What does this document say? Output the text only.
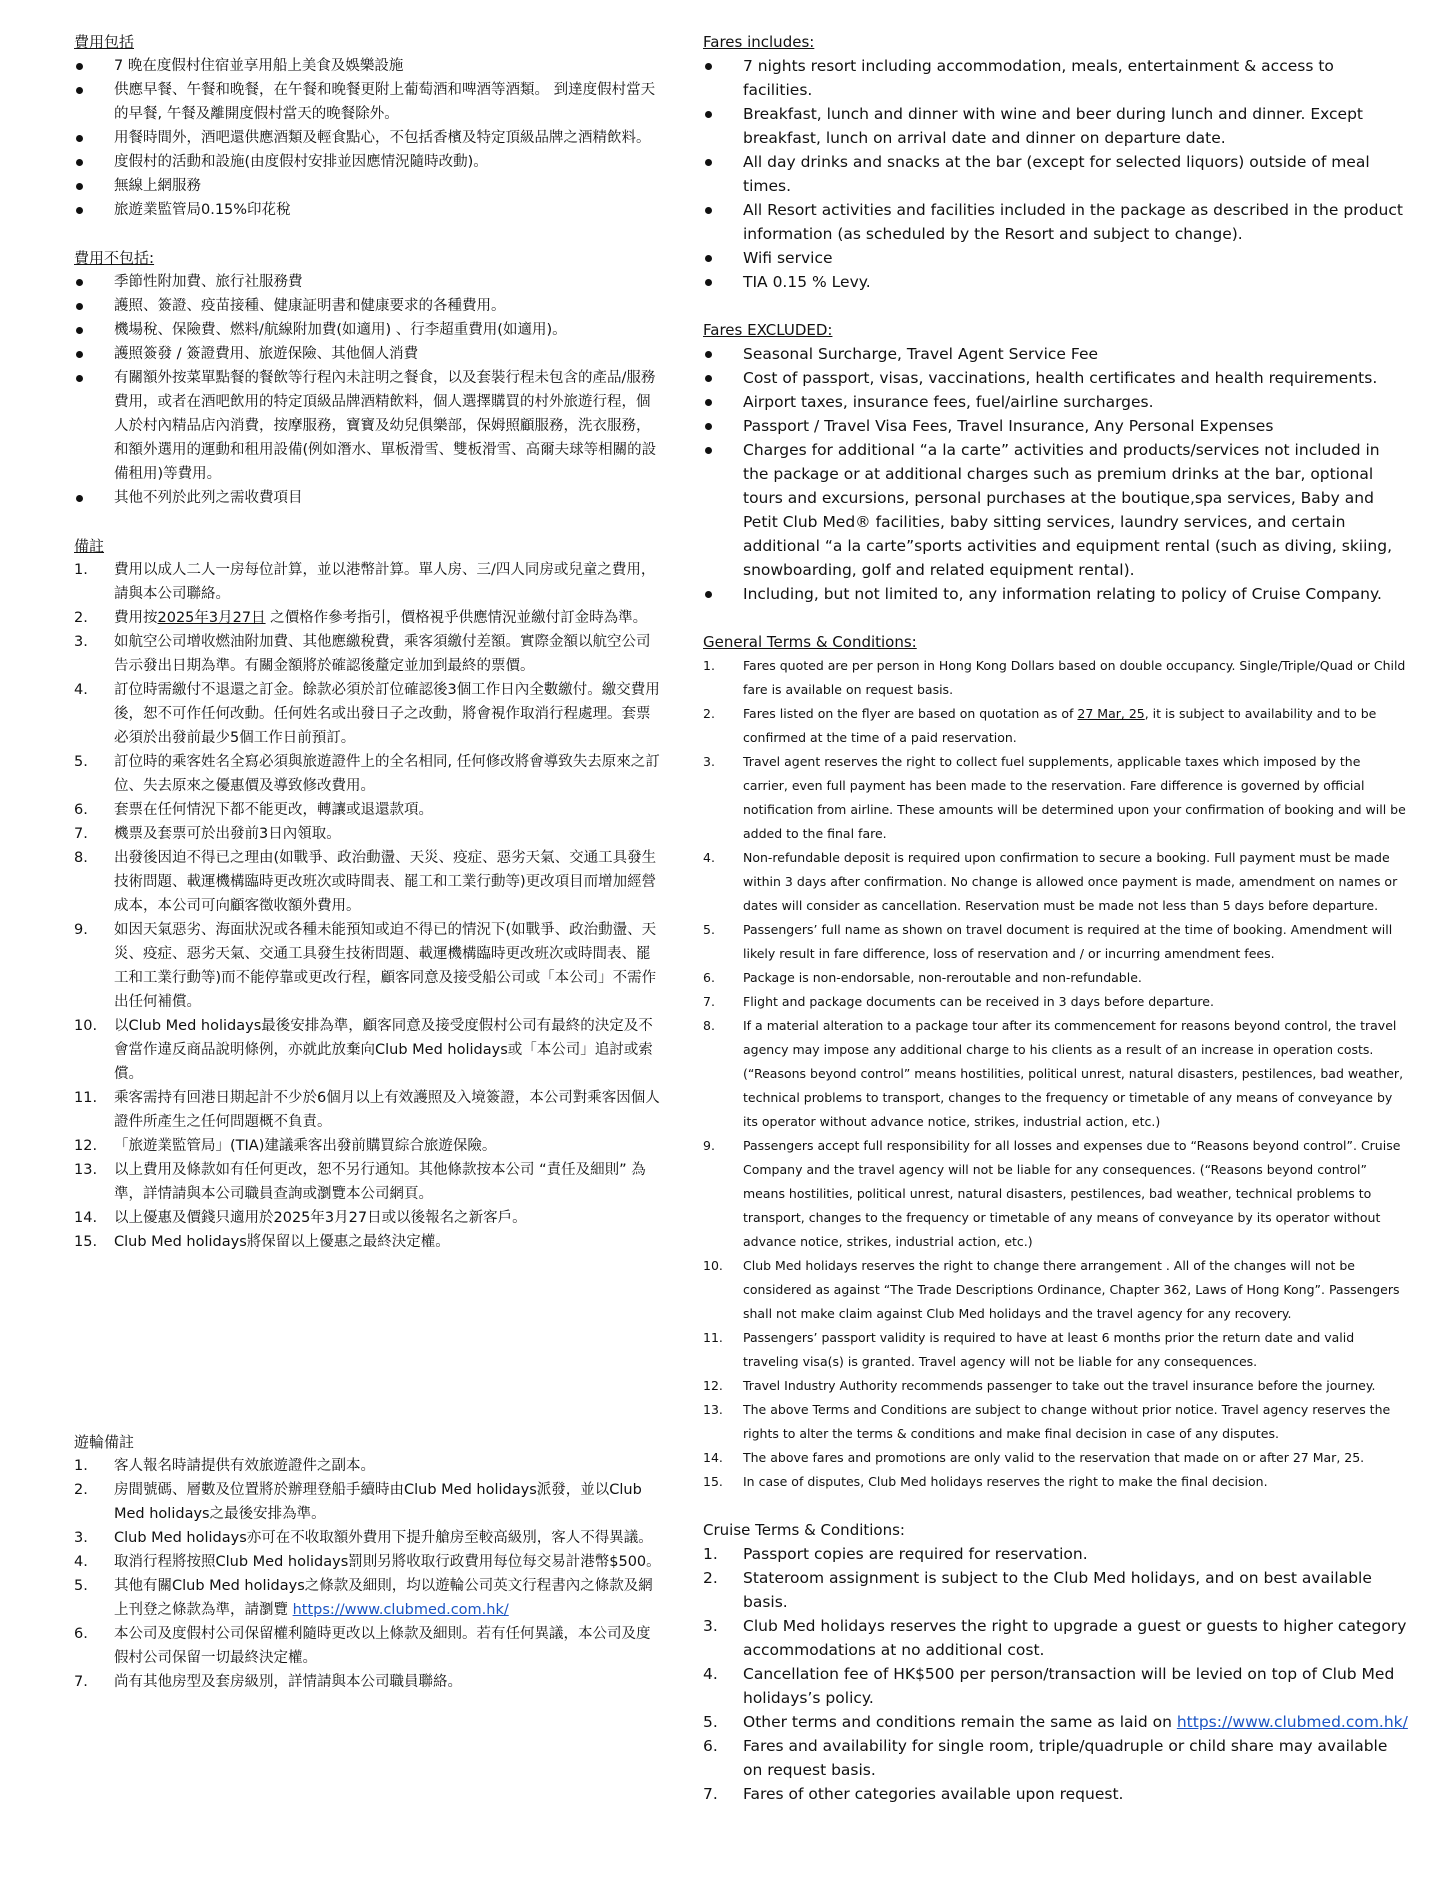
費用包括

7 晚在度假村住宿並享用船上美食及娛樂設施
供應早餐、午餐和晚餐，在午餐和晚餐更附上葡萄酒和啤酒等酒類。 到達度假村當天的早餐, 午餐及離開度假村當天的晚餐除外。
用餐時間外，酒吧還供應酒類及輕食點心，不包括香檳及特定頂級品牌之酒精飲料。
度假村的活動和設施(由度假村安排並因應情況隨時改動)。
無線上網服務
旅遊業監管局0.15%印花稅

費用不包括:

季節性附加費、旅行社服務費
護照、簽證、疫苗接種、健康証明書和健康要求的各種費用。
機場稅、保險費、燃料/航線附加費(如適用) 、行李超重費用(如適用)。
護照簽發 / 簽證費用、旅遊保險、其他個人消費
有關額外按菜單點餐的餐飲等行程內未註明之餐食，以及套裝行程未包含的產品/服務費用，或者在酒吧飲用的特定頂級品牌酒精飲料，個人選擇購買的村外旅遊行程，個人於村內精品店內消費，按摩服務，寶寶及幼兒俱樂部，保姆照顧服務，洗衣服務，和額外選用的運動和租用設備(例如潛水、單板滑雪、雙板滑雪、高爾夫球等相關的設備租用)等費用。
其他不列於此列之需收費項目

備註

1. 費用以成人二人一房每位計算，並以港幣計算。單人房、三/四人同房或兒童之費用，請與本公司聯絡。
2. 費用按2025年3月27日 之價格作參考指引，價格視乎供應情況並繳付訂金時為準。
3. 如航空公司增收燃油附加費、其他應繳稅費，乘客須繳付差額。實際金額以航空公司告示發出日期為準。有關金額將於確認後釐定並加到最終的票價。
4. 訂位時需繳付不退還之訂金。餘款必須於訂位確認後3個工作日內全數繳付。繳交費用後，恕不可作任何改動。任何姓名或出發日子之改動，將會視作取消行程處理。套票必須於出發前最少5個工作日前預訂。
5. 訂位時的乘客姓名全寫必須與旅遊證件上的全名相同, 任何修改將會導致失去原來之訂位、失去原來之優惠價及導致修改費用。
6. 套票在任何情況下都不能更改，轉讓或退還款項。
7. 機票及套票可於出發前3日內領取。
8. 出發後因迫不得已之理由(如戰爭、政治動盪、天災、疫症、惡劣天氣、交通工具發生技術問題、載運機構臨時更改班次或時間表、罷工和工業行動等)更改項目而增加經營成本，本公司可向顧客徵收額外費用。
9. 如因天氣惡劣、海面狀況或各種未能預知或迫不得已的情況下(如戰爭、政治動盪、天災、疫症、惡劣天氣、交通工具發生技術問題、載運機構臨時更改班次或時間表、罷工和工業行動等)而不能停靠或更改行程，顧客同意及接受船公司或「本公司」不需作出任何補償。
10. 以Club Med holidays最後安排為準，顧客同意及接受度假村公司有最終的決定及不會當作違反商品說明條例，亦就此放棄向Club Med holidays或「本公司」追討或索償。
11. 乘客需持有回港日期起計不少於6個月以上有效護照及入境簽證，本公司對乘客因個人證件所產生之任何問題概不負責。
12. 「旅遊業監管局」(TIA)建議乘客出發前購買綜合旅遊保險。
13. 以上費用及條款如有任何更改，恕不另行通知。其他條款按本公司 “責任及細則” 為準，詳情請與本公司職員查詢或瀏覽本公司網頁。
14. 以上優惠及價錢只適用於2025年3月27日或以後報名之新客戶。
15. Club Med holidays將保留以上優惠之最終決定權。

遊輪備註

1. 客人報名時請提供有效旅遊證件之副本。
2. 房間號碼、層數及位置將於辦理登船手續時由Club Med holidays派發，並以Club Med holidays之最後安排為準。
3. Club Med holidays亦可在不收取額外費用下提升艙房至較高級別，客人不得異議。
4. 取消行程將按照Club Med holidays罰則另將收取行政費用每位每交易計港幣$500。
5. 其他有關Club Med holidays之條款及細則，均以遊輪公司英文行程書內之條款及網上刊登之條款為準，請瀏覽 https://www.clubmed.com.hk/
6. 本公司及度假村公司保留權利隨時更改以上條款及細則。若有任何異議，本公司及度假村公司保留一切最終決定權。
7. 尚有其他房型及套房級別，詳情請與本公司職員聯絡。

Fares includes:

7 nights resort including accommodation, meals, entertainment & access to facilities.
Breakfast, lunch and dinner with wine and beer during lunch and dinner. Except breakfast, lunch on arrival date and dinner on departure date.
All day drinks and snacks at the bar (except for selected liquors) outside of meal times.
All Resort activities and facilities included in the package as described in the product information (as scheduled by the Resort and subject to change).
Wifi service
TIA 0.15 % Levy.

Fares EXCLUDED:

Seasonal Surcharge, Travel Agent Service Fee
Cost of passport, visas, vaccinations, health certificates and health requirements.
Airport taxes, insurance fees, fuel/airline surcharges.
Passport / Travel Visa Fees, Travel Insurance, Any Personal Expenses
Charges for additional “a la carte” activities and products/services not included in the package or at additional charges such as premium drinks at the bar, optional tours and excursions, personal purchases at the boutique,spa services, Baby and Petit Club Med® facilities, baby sitting services, laundry services, and certain additional “a la carte”sports activities and equipment rental (such as diving, skiing, snowboarding, golf and related equipment rental).
Including, but not limited to, any information relating to policy of Cruise Company.

General Terms & Conditions:

1. Fares quoted are per person in Hong Kong Dollars based on double occupancy. Single/Triple/Quad or Child fare is available on request basis.
2. Fares listed on the flyer are based on quotation as of 27 Mar, 25, it is subject to availability and to be confirmed at the time of a paid reservation.
3. Travel agent reserves the right to collect fuel supplements, applicable taxes which imposed by the carrier, even full payment has been made to the reservation. Fare difference is governed by official notification from airline. These amounts will be determined upon your confirmation of booking and will be added to the final fare.
4. Non-refundable deposit is required upon confirmation to secure a booking. Full payment must be made within 3 days after confirmation. No change is allowed once payment is made, amendment on names or dates will consider as cancellation. Reservation must be made not less than 5 days before departure.
5. Passengers’ full name as shown on travel document is required at the time of booking. Amendment will likely result in fare difference, loss of reservation and / or incurring amendment fees.
6. Package is non-endorsable, non-reroutable and non-refundable.
7. Flight and package documents can be received in 3 days before departure.
8. If a material alteration to a package tour after its commencement for reasons beyond control, the travel agency may impose any additional charge to his clients as a result of an increase in operation costs. (“Reasons beyond control” means hostilities, political unrest, natural disasters, pestilences, bad weather, technical problems to transport, changes to the frequency or timetable of any means of conveyance by its operator without advance notice, strikes, industrial action, etc.)
9. Passengers accept full responsibility for all losses and expenses due to “Reasons beyond control”. Cruise Company and the travel agency will not be liable for any consequences. (“Reasons beyond control” means hostilities, political unrest, natural disasters, pestilences, bad weather, technical problems to transport, changes to the frequency or timetable of any means of conveyance by its operator without advance notice, strikes, industrial action, etc.)
10. Club Med holidays reserves the right to change there arrangement . All of the changes will not be considered as against “The Trade Descriptions Ordinance, Chapter 362, Laws of Hong Kong”. Passengers shall not make claim against Club Med holidays and the travel agency for any recovery.
11. Passengers’ passport validity is required to have at least 6 months prior the return date and valid traveling visa(s) is granted. Travel agency will not be liable for any consequences.
12. Travel Industry Authority recommends passenger to take out the travel insurance before the journey.
13. The above Terms and Conditions are subject to change without prior notice. Travel agency reserves the rights to alter the terms & conditions and make final decision in case of any disputes.
14. The above fares and promotions are only valid to the reservation that made on or after 27 Mar, 25.
15. In case of disputes, Club Med holidays reserves the right to make the final decision.

Cruise Terms & Conditions:

1. Passport copies are required for reservation.
2. Stateroom assignment is subject to the Club Med holidays, and on best available basis.
3. Club Med holidays reserves the right to upgrade a guest or guests to higher category accommodations at no additional cost.
4. Cancellation fee of HK$500 per person/transaction will be levied on top of Club Med holidays’s policy.
5. Other terms and conditions remain the same as laid on https://www.clubmed.com.hk/
6. Fares and availability for single room, triple/quadruple or child share may available on request basis.
7. Fares of other categories available upon request.
